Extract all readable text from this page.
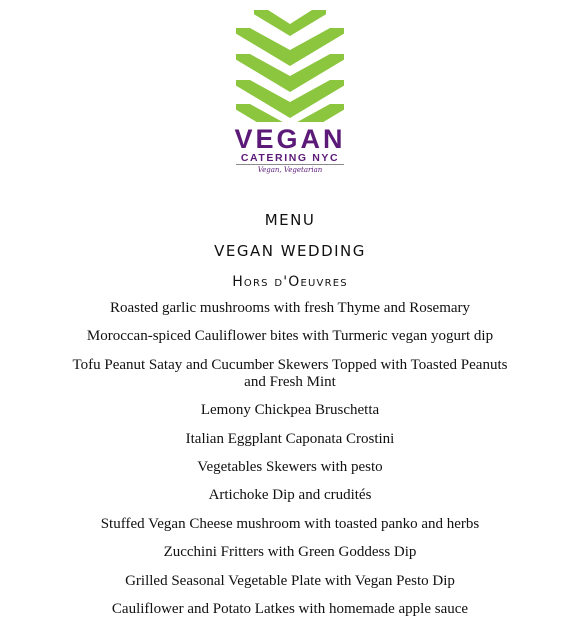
VEGAN
CATERING NYC
Vegan, Vegetarian
MENU
VEGAN WEDDING
Hors d'Oeuvres
Roasted garlic mushrooms with fresh Thyme and Rosemary
Moroccan-spiced Cauliflower bites with Turmeric vegan yogurt dip
Tofu Peanut Satay and Cucumber Skewers Topped with Toasted Peanuts and Fresh Mint
Lemony Chickpea Bruschetta
Italian Eggplant Caponata Crostini
Vegetables Skewers with pesto
Artichoke Dip and crudités
Stuffed Vegan Cheese mushroom with toasted panko and herbs
Zucchini Fritters with Green Goddess Dip
Grilled Seasonal Vegetable Plate with Vegan Pesto Dip
Cauliflower and Potato Latkes with homemade apple sauce
